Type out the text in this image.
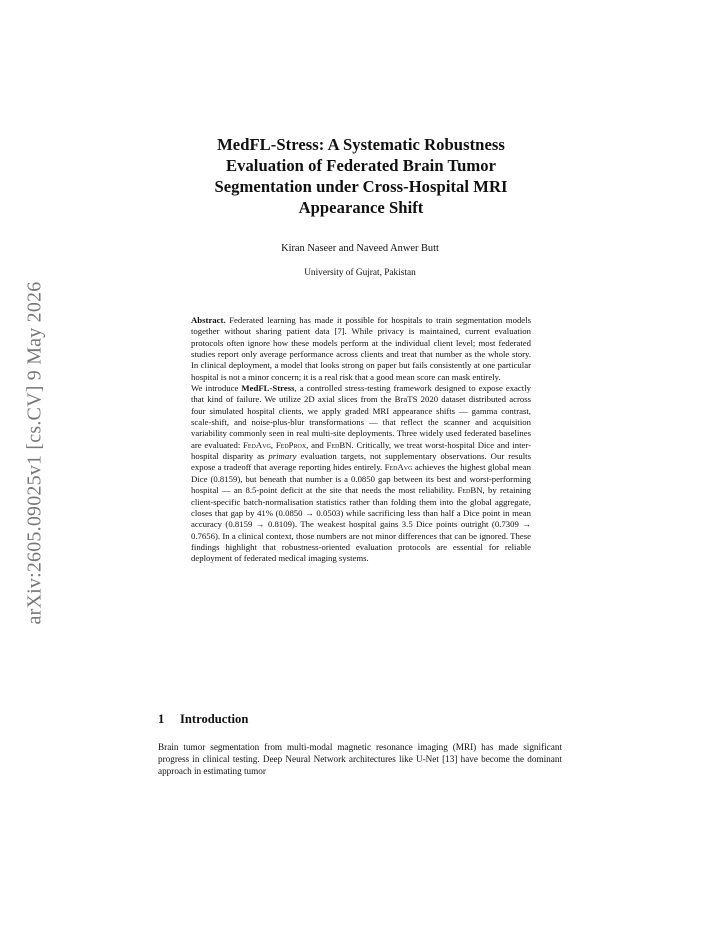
arXiv:2605.09025v1 [cs.CV] 9 May 2026
MedFL-Stress: A Systematic Robustness Evaluation of Federated Brain Tumor Segmentation under Cross-Hospital MRI Appearance Shift
Kiran Naseer and Naveed Anwer Butt
University of Gujrat, Pakistan

Abstract. Federated learning has made it possible for hospitals to train segmentation models together without sharing patient data [7]. While privacy is maintained, current evaluation protocols often ignore how these models perform at the individual client level; most federated studies report only average performance across clients and treat that number as the whole story. In clinical deployment, a model that looks strong on paper but fails consistently at one particular hospital is not a minor concern; it is a real risk that a good mean score can mask entirely.

We introduce MedFL-Stress, a controlled stress-testing framework designed to expose exactly that kind of failure. We utilize 2D axial slices from the BraTS 2020 dataset distributed across four simulated hospital clients, we apply graded MRI appearance shifts — gamma contrast, scale-shift, and noise-plus-blur transformations — that reflect the scanner and acquisition variability commonly seen in real multi-site deployments. Three widely used federated baselines are evaluated: FedAvg, FedProx, and FedBN. Critically, we treat worst-hospital Dice and inter-hospital disparity as primary evaluation targets, not supplementary observations. Our results expose a tradeoff that average reporting hides entirely. FedAvg achieves the highest global mean Dice (0.8159), but beneath that number is a 0.0850 gap between its best and worst-performing hospital — an 8.5-point deficit at the site that needs the most reliability. FedBN, by retaining client-specific batch-normalisation statistics rather than folding them into the global aggregate, closes that gap by 41% (0.0850 → 0.0503) while sacrificing less than half a Dice point in mean accuracy (0.8159 → 0.8109). The weakest hospital gains 3.5 Dice points outright (0.7309 → 0.7656). In a clinical context, those numbers are not minor differences that can be ignored. These findings highlight that robustness-oriented evaluation protocols are essential for reliable deployment of federated medical imaging systems.

1 Introduction

Brain tumor segmentation from multi-modal magnetic resonance imaging (MRI) has made significant progress in clinical testing. Deep Neural Network architectures like U-Net [13] have become the dominant approach in estimating tumor
